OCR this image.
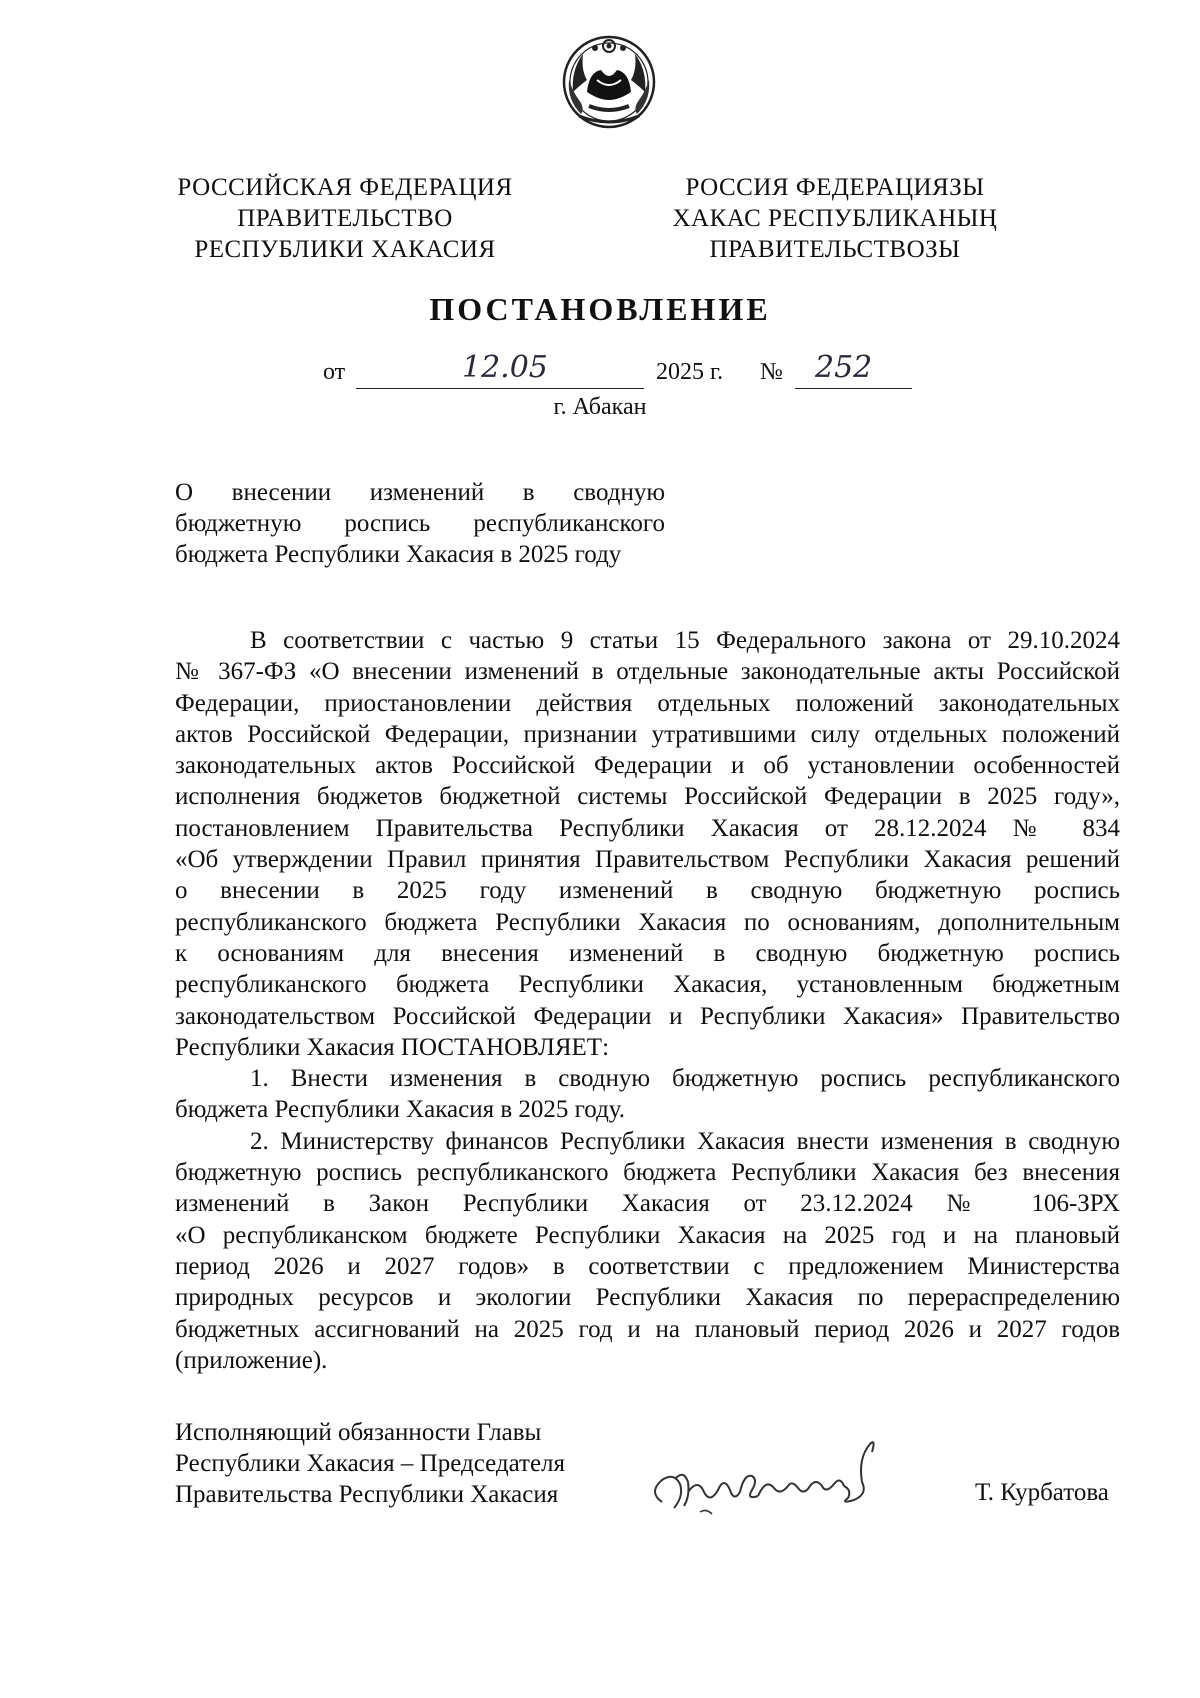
РОССИЙСКАЯ ФЕДЕРАЦИЯ
ПРАВИТЕЛЬСТВО
РЕСПУБЛИКИ ХАКАСИЯ
РОССИЯ ФЕДЕРАЦИЯЗЫ
ХАКАС РЕСПУБЛИКАНЫҢ
ПРАВИТЕЛЬСТВОЗЫ
ПОСТАНОВЛЕНИЕ
от	12.05	2025 г. № 252
г. Абакан
О внесении изменений в сводную
бюджетную роспись республиканского
бюджета Республики Хакасия в 2025 году
В соответствии с частью 9 статьи 15 Федерального закона от 29.10.2024
№ 367-ФЗ «О внесении изменений в отдельные законодательные акты Российской
Федерации, приостановлении действия отдельных положений законодательных
актов Российской Федерации, признании утратившими силу отдельных положений
законодательных актов Российской Федерации и об установлении особенностей
исполнения бюджетов бюджетной системы Российской Федерации в 2025 году»,
постановлением Правительства Республики Хакасия от 28.12.2024 № 834
«Об утверждении Правил принятия Правительством Республики Хакасия решений
о внесении в 2025 году изменений в сводную бюджетную роспись
республиканского бюджета Республики Хакасия по основаниям, дополнительным
к основаниям для внесения изменений в сводную бюджетную роспись
республиканского бюджета Республики Хакасия, установленным бюджетным
законодательством Российской Федерации и Республики Хакасия» Правительство
Республики Хакасия ПОСТАНОВЛЯЕТ:
1. Внести изменения в сводную бюджетную роспись республиканского
бюджета Республики Хакасия в 2025 году.
2. Министерству финансов Республики Хакасия внести изменения в сводную
бюджетную роспись республиканского бюджета Республики Хакасия без внесения
изменений в Закон Республики Хакасия от 23.12.2024 № 106-ЗРХ
«О республиканском бюджете Республики Хакасия на 2025 год и на плановый
период 2026 и 2027 годов» в соответствии с предложением Министерства
природных ресурсов и экологии Республики Хакасия по перераспределению
бюджетных ассигнований на 2025 год и на плановый период 2026 и 2027 годов
(приложение).
Исполняющий обязанности Главы
Республики Хакасия – Председателя
Правительства Республики Хакасия	Т. Курбатова
